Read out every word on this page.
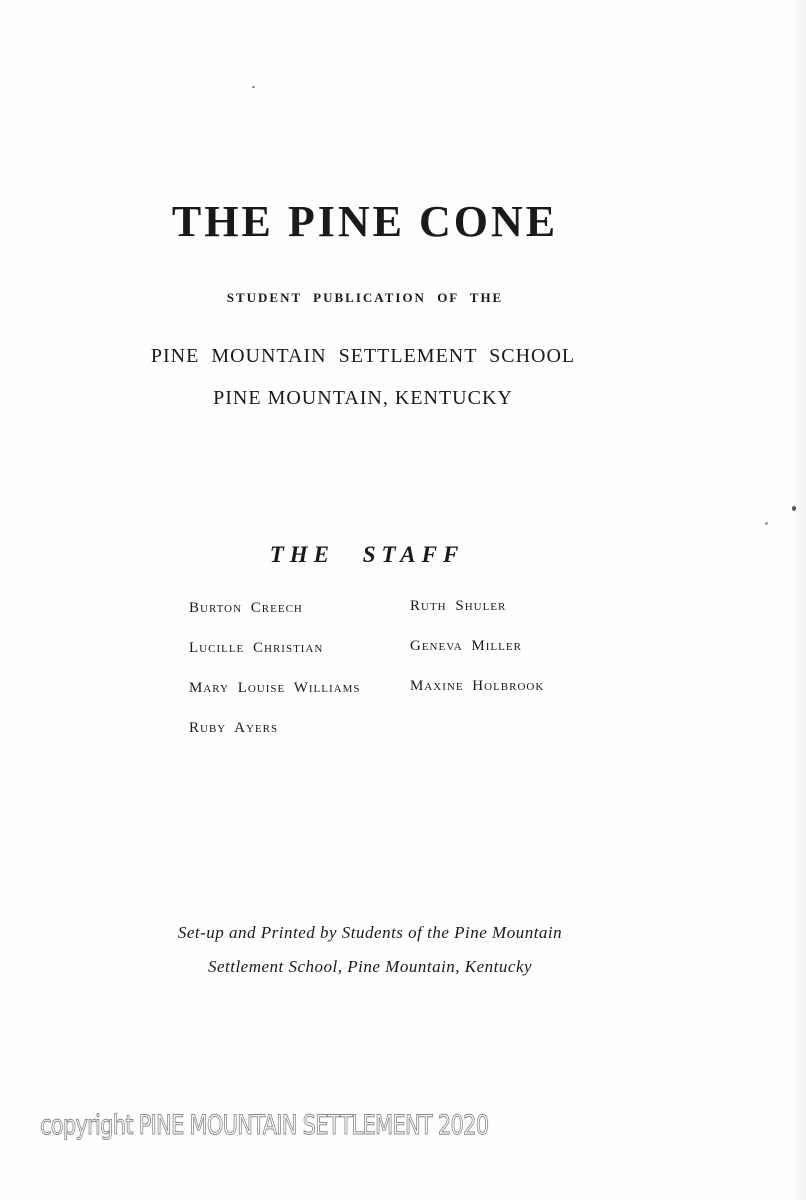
THE PINE CONE
STUDENT PUBLICATION OF THE
PINE MOUNTAIN SETTLEMENT SCHOOL
PINE MOUNTAIN, KENTUCKY
THE STAFF
Burton Creech
Lucille Christian
Mary Louise Williams
Ruby Ayers
Ruth Shuler
Geneva Miller
Maxine Holbrook
Set-up and Printed by Students of the Pine Mountain
Settlement School, Pine Mountain, Kentucky
copyright PINE MOUNTAIN SETTLEMENT 2020
